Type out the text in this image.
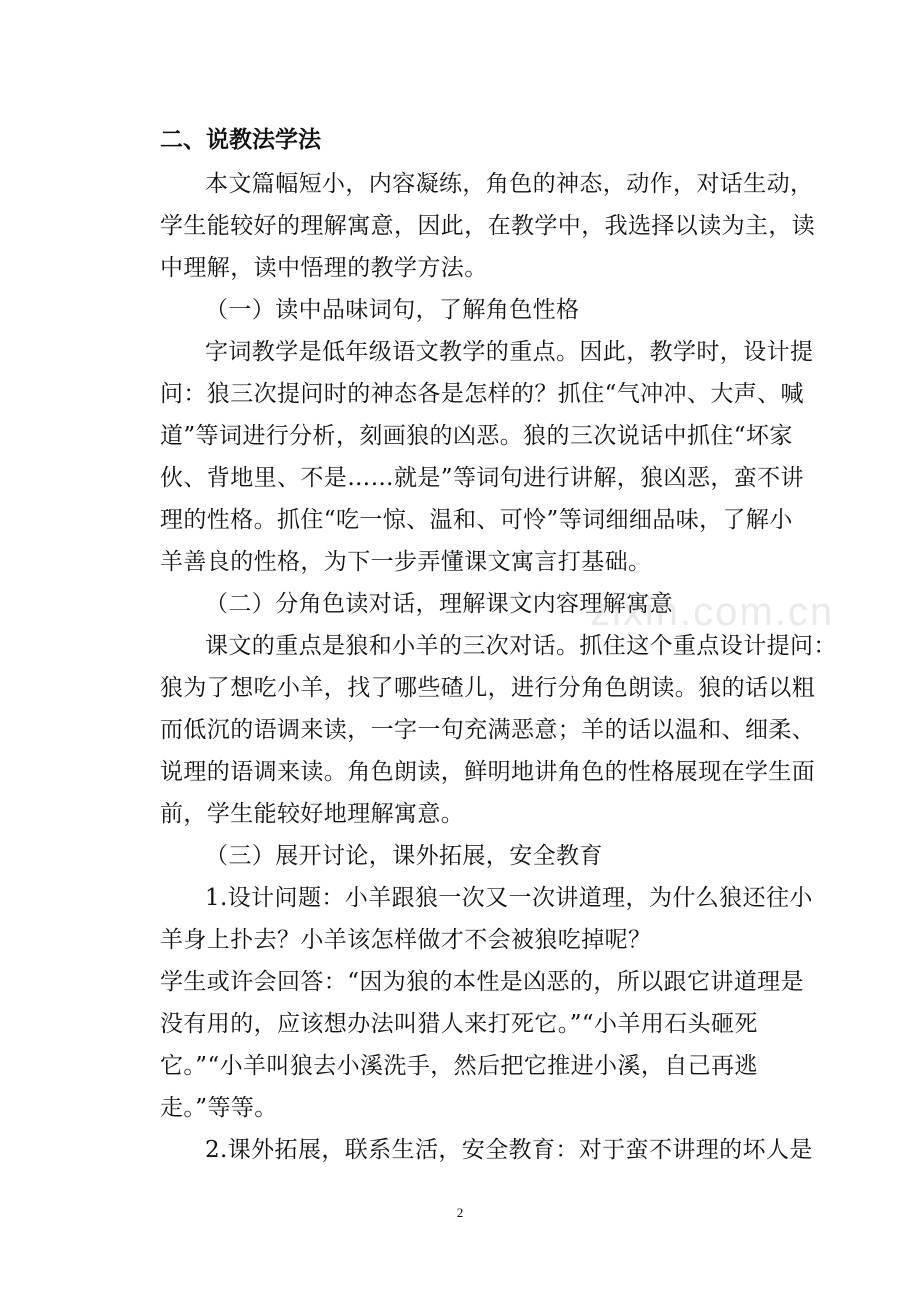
二、说教法学法
本文篇幅短小，内容凝练，角色的神态，动作，对话生动，
学生能较好的理解寓意，因此，在教学中，我选择以读为主，读
中理解，读中悟理的教学方法。
（一）读中品味词句，了解角色性格
字词教学是低年级语文教学的重点。因此，教学时，设计提
问：狼三次提问时的神态各是怎样的？抓住“气冲冲、大声、喊
道”等词进行分析，刻画狼的凶恶。狼的三次说话中抓住“坏家
伙、背地里、不是……就是”等词句进行讲解，狼凶恶，蛮不讲
理的性格。抓住“吃一惊、温和、可怜”等词细细品味，了解小
羊善良的性格，为下一步弄懂课文寓言打基础。
（二）分角色读对话，理解课文内容理解寓意
课文的重点是狼和小羊的三次对话。抓住这个重点设计提问：
狼为了想吃小羊，找了哪些碴儿，进行分角色朗读。狼的话以粗
而低沉的语调来读，一字一句充满恶意；羊的话以温和、细柔、
说理的语调来读。角色朗读，鲜明地讲角色的性格展现在学生面
前，学生能较好地理解寓意。
（三）展开讨论，课外拓展，安全教育
1.设计问题：小羊跟狼一次又一次讲道理，为什么狼还往小
羊身上扑去？小羊该怎样做才不会被狼吃掉呢？
学生或许会回答：“因为狼的本性是凶恶的，所以跟它讲道理是
没有用的，应该想办法叫猎人来打死它。”“小羊用石头砸死
它。”“小羊叫狼去小溪洗手，然后把它推进小溪，自己再逃
走。”等等。
2.课外拓展，联系生活，安全教育：对于蛮不讲理的坏人是
zixin.com.cn
2
